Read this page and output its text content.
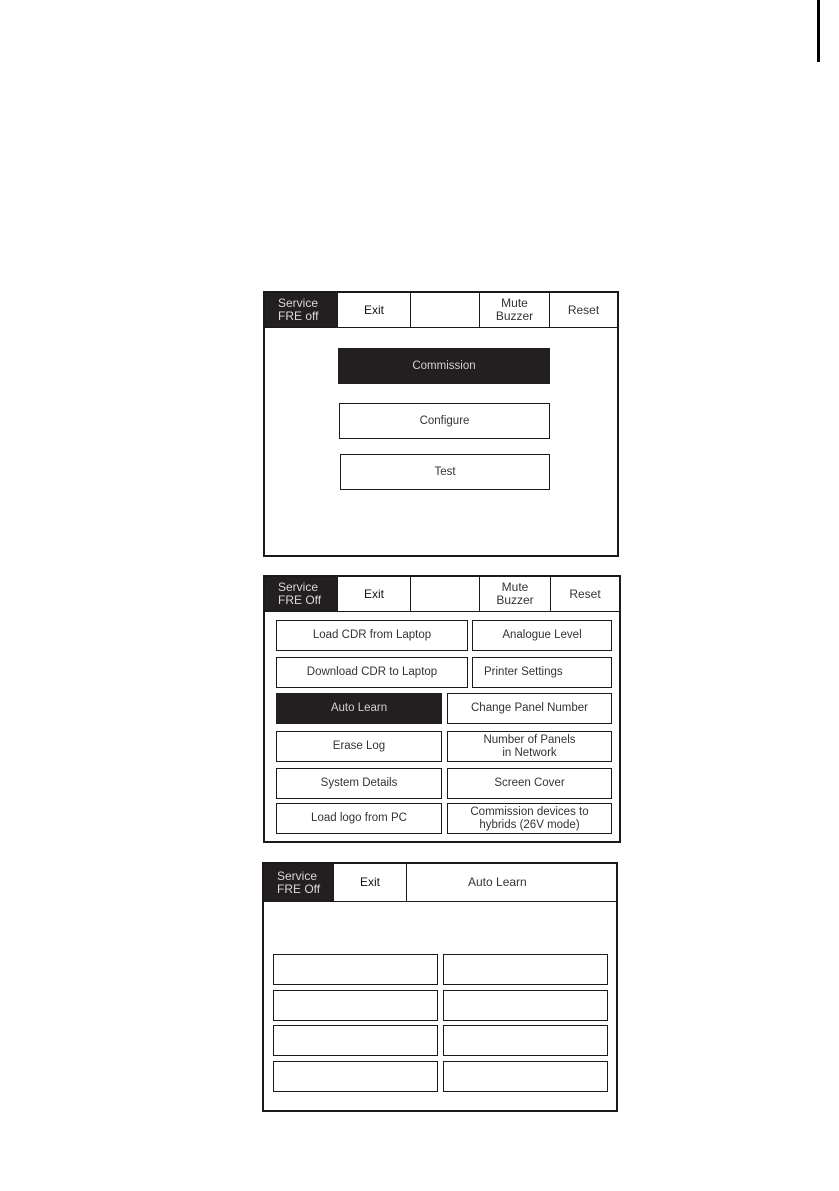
Service
FRE off	Exit	Mute
Buzzer	Reset
Commission
Configure
Test
Service
FRE Off	Exit	Mute
Buzzer	Reset
Load CDR from Laptop	Analogue Level
Download CDR to Laptop	Printer Settings
Auto Learn	Change Panel Number
Erase Log
Number of Panels
in Network
System Details	Screen Cover
Load logo from PC
Commission devices to
hybrids (26V mode)
Service
FRE Off	Exit	Auto Learn
